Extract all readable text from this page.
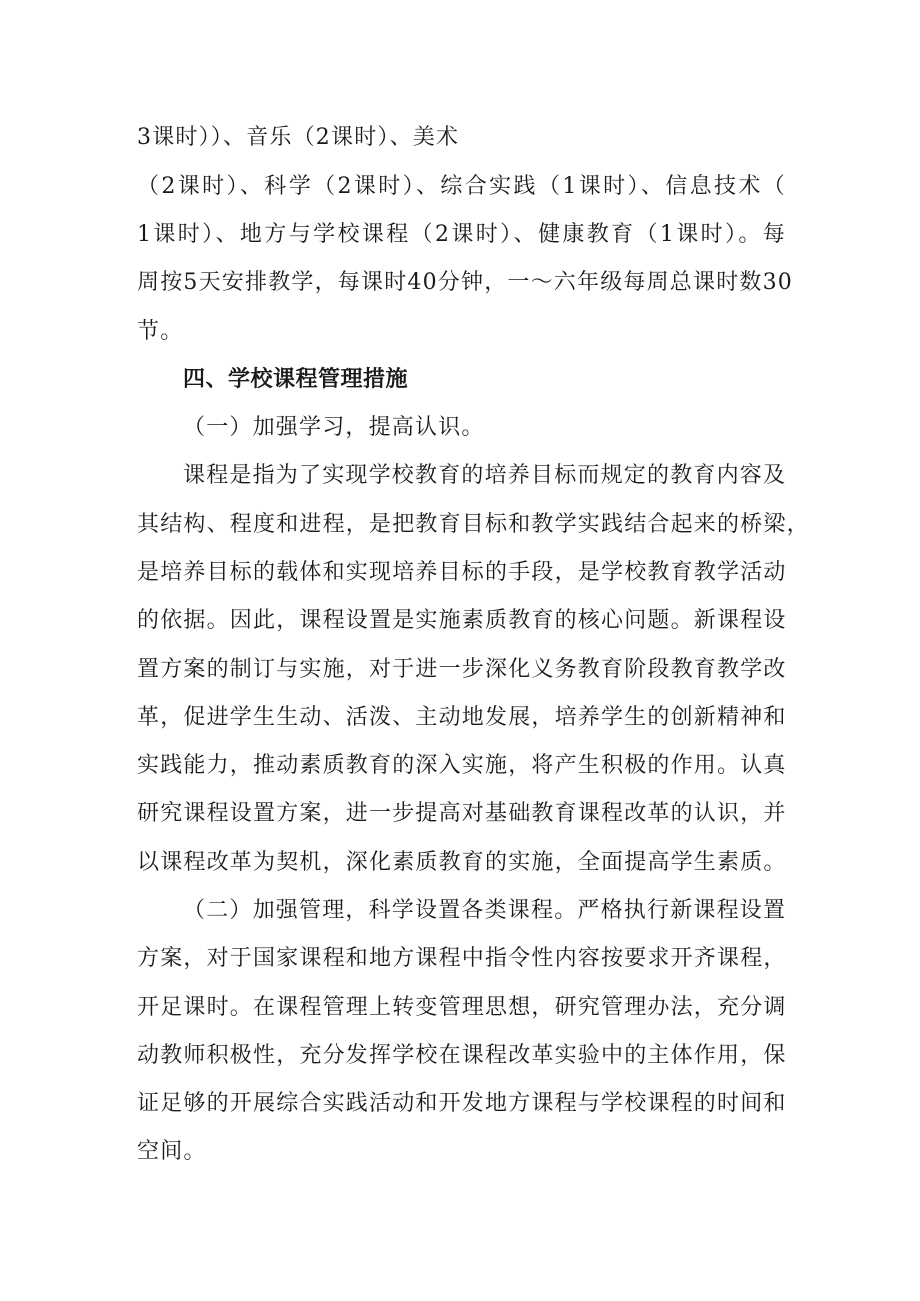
3课时））、音乐（2课时）、美术
（2课时）、科学（2课时）、综合实践（1课时）、信息技术（
1课时）、地方与学校课程（2课时）、健康教育（1课时）。每
周按5天安排教学，每课时40分钟，一～六年级每周总课时数30
节。
四、学校课程管理措施
（一）加强学习，提高认识。
课程是指为了实现学校教育的培养目标而规定的教育内容及
其结构、程度和进程，是把教育目标和教学实践结合起来的桥梁，
是培养目标的载体和实现培养目标的手段，是学校教育教学活动
的依据。因此，课程设置是实施素质教育的核心问题。新课程设
置方案的制订与实施，对于进一步深化义务教育阶段教育教学改
革，促进学生生动、活泼、主动地发展，培养学生的创新精神和
实践能力，推动素质教育的深入实施，将产生积极的作用。认真
研究课程设置方案，进一步提高对基础教育课程改革的认识，并
以课程改革为契机，深化素质教育的实施，全面提高学生素质。
（二）加强管理，科学设置各类课程。严格执行新课程设置
方案，对于国家课程和地方课程中指令性内容按要求开齐课程，
开足课时。在课程管理上转变管理思想，研究管理办法，充分调
动教师积极性，充分发挥学校在课程改革实验中的主体作用，保
证足够的开展综合实践活动和开发地方课程与学校课程的时间和
空间。
